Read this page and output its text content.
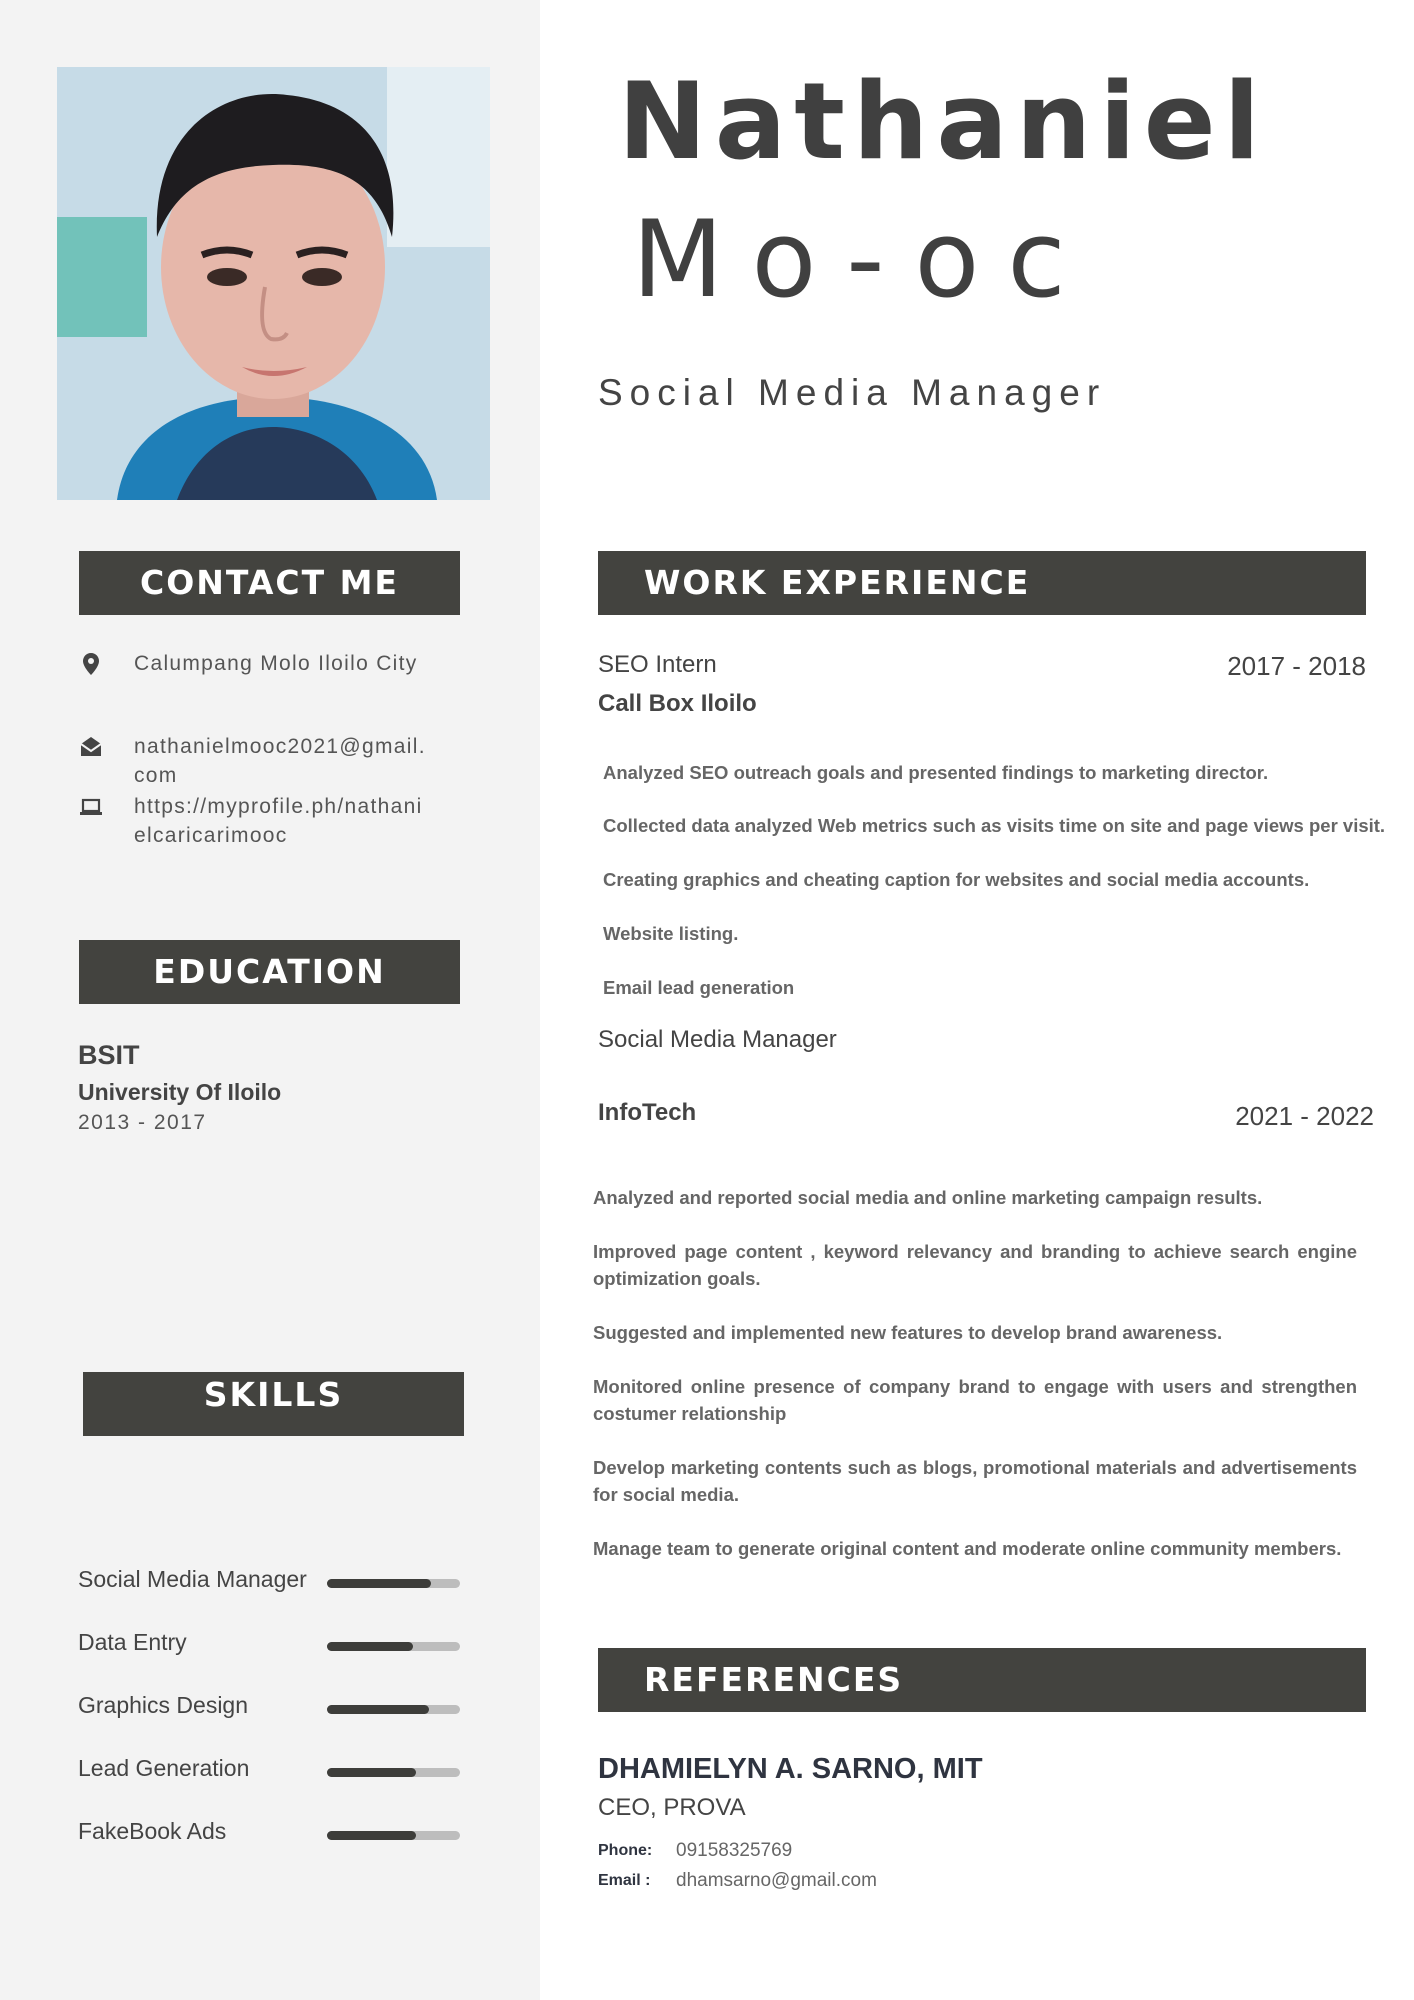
Nathaniel
Mo-oc
Social Media Manager
CONTACT ME
Calumpang Molo Iloilo City
nathanielmooc2021@gmail.com
https://myprofile.ph/nathanielcaricarimooc
EDUCATION
BSIT
University Of Iloilo
2013 - 2017
SKILLS
Social Media Manager
Data Entry
Graphics Design
Lead Generation
FakeBook Ads
WORK EXPERIENCE
SEO Intern
Call Box Iloilo
2017 - 2018
Analyzed SEO outreach goals and presented findings to marketing director.
Collected data analyzed Web metrics such as visits time on site and page views per visit.
Creating graphics and cheating caption for websites and social media accounts.
Website listing.
Email lead generation
Social Media Manager
InfoTech	2021 - 2022
Analyzed and reported social media and online marketing campaign results.
Improved page content , keyword relevancy and branding to achieve search engine optimization goals.
Suggested and implemented new features to develop brand awareness.
Monitored online presence of company brand to engage with users and strengthen costumer relationship
Develop marketing contents such as blogs, promotional materials and advertisements for social media.
Manage team to generate original content and moderate online community members.
REFERENCES
DHAMIELYN A. SARNO, MIT
CEO, PROVA
Phone: 09158325769
Email : dhamsarno@gmail.com
